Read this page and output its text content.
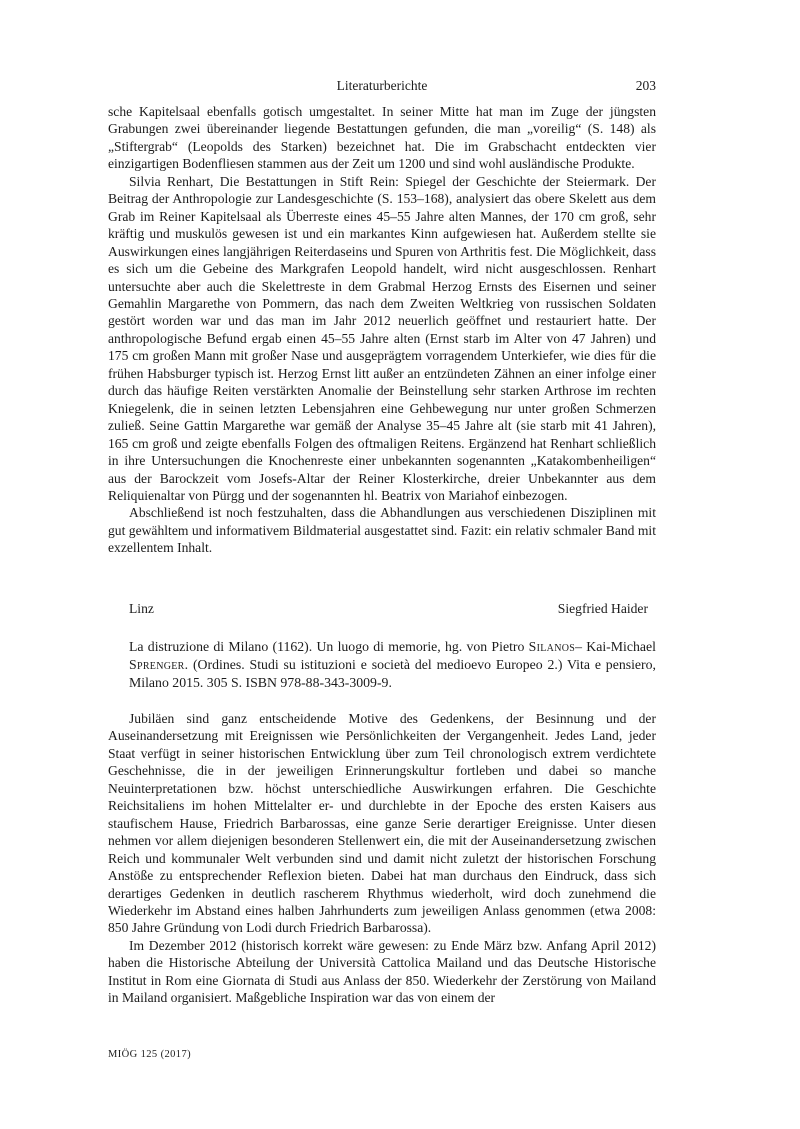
Literaturberichte	203

sche Kapitelsaal ebenfalls gotisch umgestaltet. In seiner Mitte hat man im Zuge der jüngsten Grabungen zwei übereinander liegende Bestattungen gefunden, die man „voreilig“ (S. 148) als „Stiftergrab“ (Leopolds des Starken) bezeichnet hat. Die im Grabschacht entdeckten vier einzigartigen Bodenfliesen stammen aus der Zeit um 1200 und sind wohl ausländische Produkte.

Silvia Renhart, Die Bestattungen in Stift Rein: Spiegel der Geschichte der Steiermark. Der Beitrag der Anthropologie zur Landesgeschichte (S. 153–168), analysiert das obere Skelett aus dem Grab im Reiner Kapitelsaal als Überreste eines 45–55 Jahre alten Mannes, der 170 cm groß, sehr kräftig und muskulös gewesen ist und ein markantes Kinn aufgewiesen hat. Außerdem stellte sie Auswirkungen eines langjährigen Reiterdaseins und Spuren von Arthritis fest. Die Möglichkeit, dass es sich um die Gebeine des Markgrafen Leopold handelt, wird nicht ausgeschlossen. Renhart untersuchte aber auch die Skelettreste in dem Grabmal Herzog Ernsts des Eisernen und seiner Gemahlin Margarethe von Pommern, das nach dem Zweiten Weltkrieg von russischen Soldaten gestört worden war und das man im Jahr 2012 neuerlich geöffnet und restauriert hatte. Der anthropologische Befund ergab einen 45–55 Jahre alten (Ernst starb im Alter von 47 Jahren) und 175 cm großen Mann mit großer Nase und ausgeprägtem vorragendem Unterkiefer, wie dies für die frühen Habsburger typisch ist. Herzog Ernst litt außer an entzündeten Zähnen an einer infolge einer durch das häufige Reiten verstärkten Anomalie der Beinstellung sehr starken Arthrose im rechten Kniegelenk, die in seinen letzten Lebensjahren eine Gehbewegung nur unter großen Schmerzen zuließ. Seine Gattin Margarethe war gemäß der Analyse 35–45 Jahre alt (sie starb mit 41 Jahren), 165 cm groß und zeigte ebenfalls Folgen des oftmaligen Reitens. Ergänzend hat Renhart schließlich in ihre Untersuchungen die Knochenreste einer unbekannten sogenannten „Katakombenheiligen“ aus der Barockzeit vom Josefs-Altar der Reiner Klosterkirche, dreier Unbekannter aus dem Reliquienaltar von Pürgg und der sogenannten hl. Beatrix von Mariahof einbezogen.

Abschließend ist noch festzuhalten, dass die Abhandlungen aus verschiedenen Disziplinen mit gut gewähltem und informativem Bildmaterial ausgestattet sind. Fazit: ein relativ schmaler Band mit exzellentem Inhalt.

Linz	Siegfried Haider
La distruzione di Milano (1162). Un luogo di memorie, hg. von Pietro Silanos– Kai-Michael Sprenger. (Ordines. Studi su istituzioni e società del medioevo Europeo 2.) Vita e pensiero, Milano 2015. 305 S. ISBN 978-88-343-3009-9.

Jubiläen sind ganz entscheidende Motive des Gedenkens, der Besinnung und der Auseinandersetzung mit Ereignissen wie Persönlichkeiten der Vergangenheit. Jedes Land, jeder Staat verfügt in seiner historischen Entwicklung über zum Teil chronologisch extrem verdichtete Geschehnisse, die in der jeweiligen Erinnerungskultur fortleben und dabei so manche Neuinterpretationen bzw. höchst unterschiedliche Auswirkungen erfahren. Die Geschichte Reichsitaliens im hohen Mittelalter er- und durchlebte in der Epoche des ersten Kaisers aus staufischem Hause, Friedrich Barbarossas, eine ganze Serie derartiger Ereignisse. Unter diesen nehmen vor allem diejenigen besonderen Stellenwert ein, die mit der Auseinandersetzung zwischen Reich und kommunaler Welt verbunden sind und damit nicht zuletzt der historischen Forschung Anstöße zu entsprechender Reflexion bieten. Dabei hat man durchaus den Eindruck, dass sich derartiges Gedenken in deutlich rascherem Rhythmus wiederholt, wird doch zunehmend die Wiederkehr im Abstand eines halben Jahrhunderts zum jeweiligen Anlass genommen (etwa 2008: 850 Jahre Gründung von Lodi durch Friedrich Barbarossa).

Im Dezember 2012 (historisch korrekt wäre gewesen: zu Ende März bzw. Anfang April 2012) haben die Historische Abteilung der Università Cattolica Mailand und das Deutsche Historische Institut in Rom eine Giornata di Studi aus Anlass der 850. Wiederkehr der Zerstörung von Mailand in Mailand organisiert. Maßgebliche Inspiration war das von einem der

MIÖG 125 (2017)
